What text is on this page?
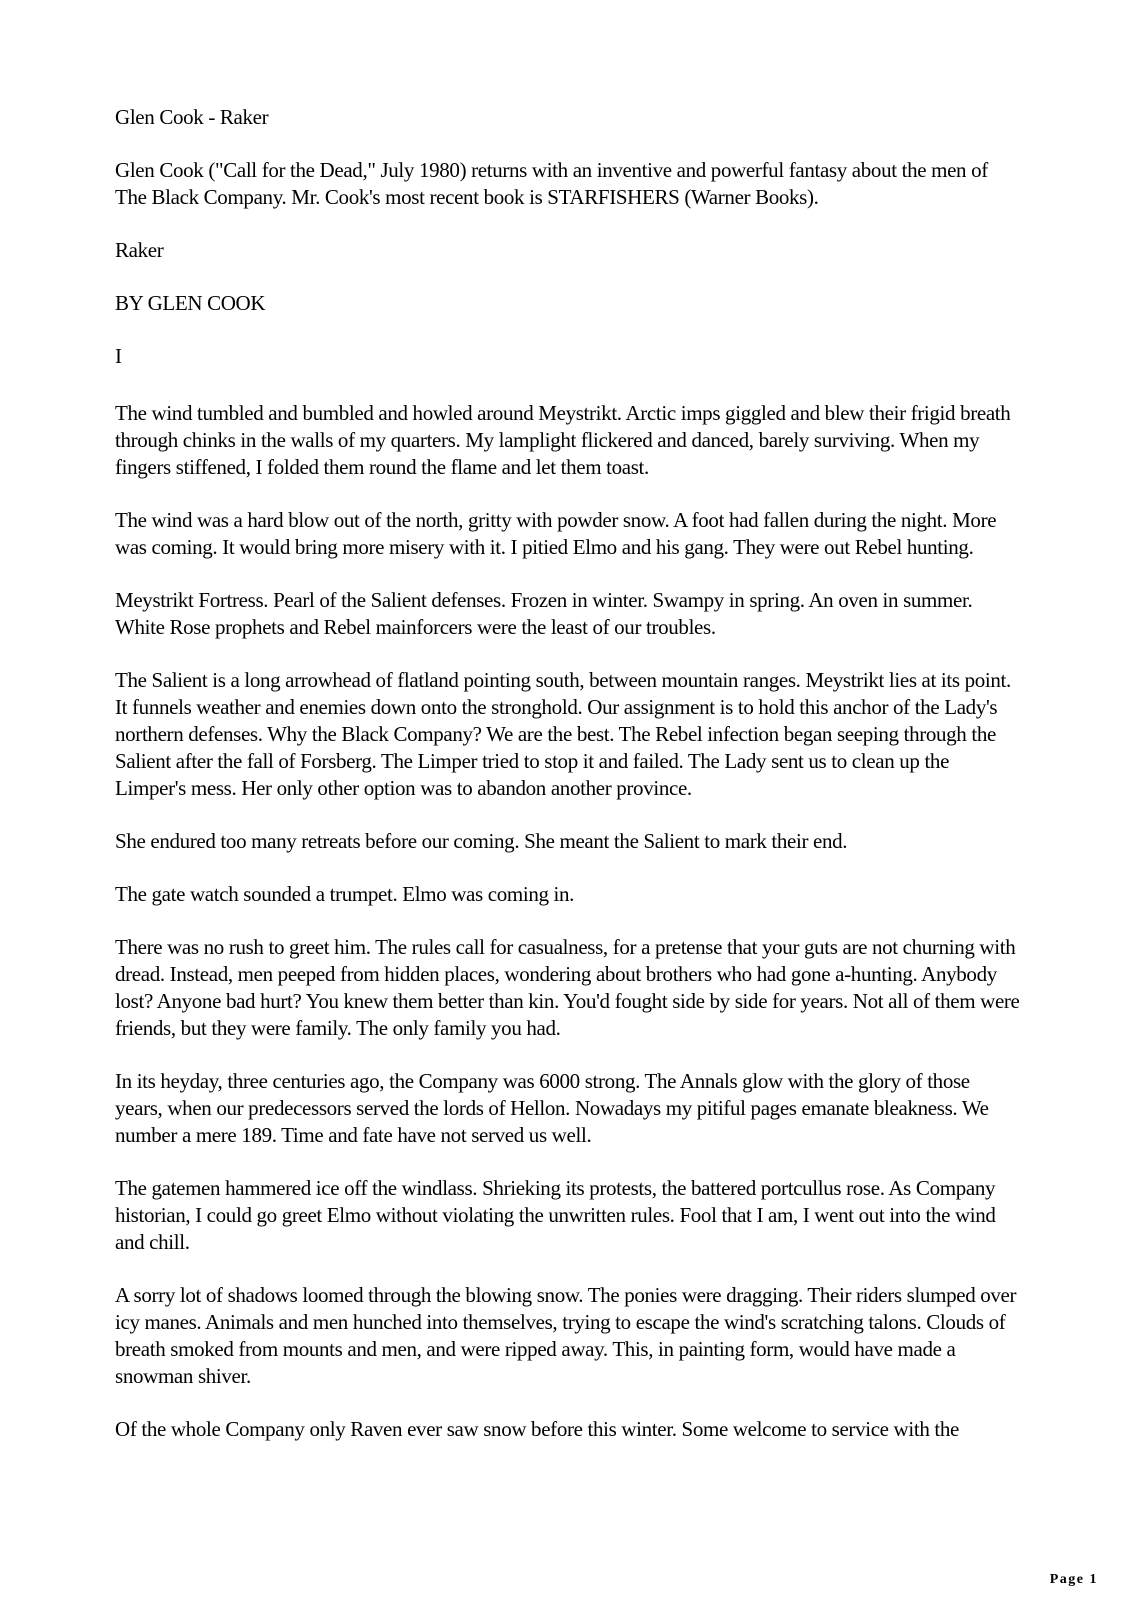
Glen Cook - Raker

Glen Cook ("Call for the Dead," July 1980) returns with an inventive and powerful fantasy about the men of The Black Company. Mr. Cook's most recent book is STARFISHERS (Warner Books).

Raker

BY GLEN COOK

I

The wind tumbled and bumbled and howled around Meystrikt. Arctic imps giggled and blew their frigid breath through chinks in the walls of my quarters. My lamplight flickered and danced, barely surviving. When my fingers stiffened, I folded them round the flame and let them toast.

The wind was a hard blow out of the north, gritty with powder snow. A foot had fallen during the night. More was coming. It would bring more misery with it. I pitied Elmo and his gang. They were out Rebel hunting.

Meystrikt Fortress. Pearl of the Salient defenses. Frozen in winter. Swampy in spring. An oven in summer. White Rose prophets and Rebel mainforcers were the least of our troubles.

The Salient is a long arrowhead of flatland pointing south, between mountain ranges. Meystrikt lies at its point. It funnels weather and enemies down onto the stronghold. Our assignment is to hold this anchor of the Lady's northern defenses. Why the Black Company? We are the best. The Rebel infection began seeping through the Salient after the fall of Forsberg. The Limper tried to stop it and failed. The Lady sent us to clean up the Limper's mess. Her only other option was to abandon another province.

She endured too many retreats before our coming. She meant the Salient to mark their end.

The gate watch sounded a trumpet. Elmo was coming in.

There was no rush to greet him. The rules call for casualness, for a pretense that your guts are not churning with dread. Instead, men peeped from hidden places, wondering about brothers who had gone a-hunting. Anybody lost? Anyone bad hurt? You knew them better than kin. You'd fought side by side for years. Not all of them were friends, but they were family. The only family you had.

In its heyday, three centuries ago, the Company was 6000 strong. The Annals glow with the glory of those years, when our predecessors served the lords of Hellon. Nowadays my pitiful pages emanate bleakness. We number a mere 189. Time and fate have not served us well.

The gatemen hammered ice off the windlass. Shrieking its protests, the battered portcullus rose. As Company historian, I could go greet Elmo without violating the unwritten rules. Fool that I am, I went out into the wind and chill.

A sorry lot of shadows loomed through the blowing snow. The ponies were dragging. Their riders slumped over icy manes. Animals and men hunched into themselves, trying to escape the wind's scratching talons. Clouds of breath smoked from mounts and men, and were ripped away. This, in painting form, would have made a snowman shiver.

Of the whole Company only Raven ever saw snow before this winter. Some welcome to service with the

Page 1
